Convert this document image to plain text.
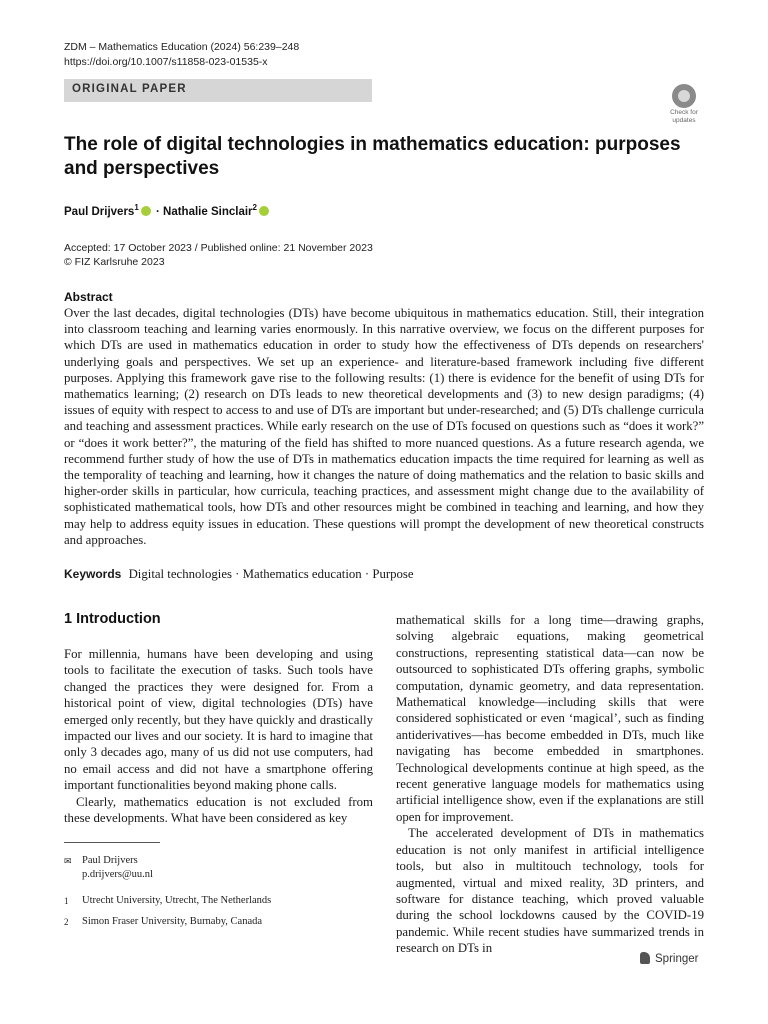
ZDM – Mathematics Education (2024) 56:239–248
https://doi.org/10.1007/s11858-023-01535-x
ORIGINAL PAPER
Check for
updates
The role of digital technologies in mathematics education: purposes and perspectives
Paul Drijvers$^1$ · Nathalie Sinclair$^2$
Accepted: 17 October 2023 / Published online: 21 November 2023
© FIZ Karlsruhe 2023
Abstract
Over the last decades, digital technologies (DTs) have become ubiquitous in mathematics education. Still, their integration into classroom teaching and learning varies enormously. In this narrative overview, we focus on the different purposes for which DTs are used in mathematics education in order to study how the effectiveness of DTs depends on researchers' underlying goals and perspectives. We set up an experience- and literature-based framework including five different purposes. Applying this framework gave rise to the following results: (1) there is evidence for the benefit of using DTs for mathematics learning; (2) research on DTs leads to new theoretical developments and (3) to new design paradigms; (4) issues of equity with respect to access to and use of DTs are important but under-researched; and (5) DTs challenge curricula and teaching and assessment practices. While early research on the use of DTs focused on questions such as “does it work?” or “does it work better?”, the maturing of the field has shifted to more nuanced questions. As a future research agenda, we recommend further study of how the use of DTs in mathematics education impacts the time required for learning as well as the temporality of teaching and learning, how it changes the nature of doing mathematics and the relation to basic skills and higher-order skills in particular, how curricula, teaching practices, and assessment might change due to the availability of sophisticated mathematical tools, how DTs and other resources might be combined in teaching and learning, and how they may help to address equity issues in education. These questions will prompt the development of new theoretical constructs and approaches.
Keywords Digital technologies · Mathematics education · Purpose
1 Introduction

For millennia, humans have been developing and using tools to facilitate the execution of tasks. Such tools have changed the practices they were designed for. From a historical point of view, digital technologies (DTs) have emerged only recently, but they have quickly and drastically impacted our lives and our society. It is hard to imagine that only 3 decades ago, many of us did not use computers, had no email access and did not have a smartphone offering important functionalities beyond making phone calls.

Clearly, mathematics education is not excluded from these developments. What have been considered as key

mathematical skills for a long time—drawing graphs, solving algebraic equations, making geometrical constructions, representing statistical data—can now be outsourced to sophisticated DTs offering graphs, symbolic computation, dynamic geometry, and data representation. Mathematical knowledge—including skills that were considered sophisticated or even ‘magical’, such as finding antiderivatives—has become embedded in DTs, much like navigating has become embedded in smartphones. Technological developments continue at high speed, as the recent generative language models for mathematics using artificial intelligence show, even if the explanations are still open for improvement.

The accelerated development of DTs in mathematics education is not only manifest in artificial intelligence tools, but also in multitouch technology, tools for augmented, virtual and mixed reality, 3D printers, and software for distance teaching, which proved valuable during the school lockdowns caused by the COVID-19 pandemic. While recent studies have summarized trends in research on DTs in

✉ Paul Drijvers
p.drijvers@uu.nl
1 Utrecht University, Utrecht, The Netherlands
2 Simon Fraser University, Burnaby, Canada
Springer
